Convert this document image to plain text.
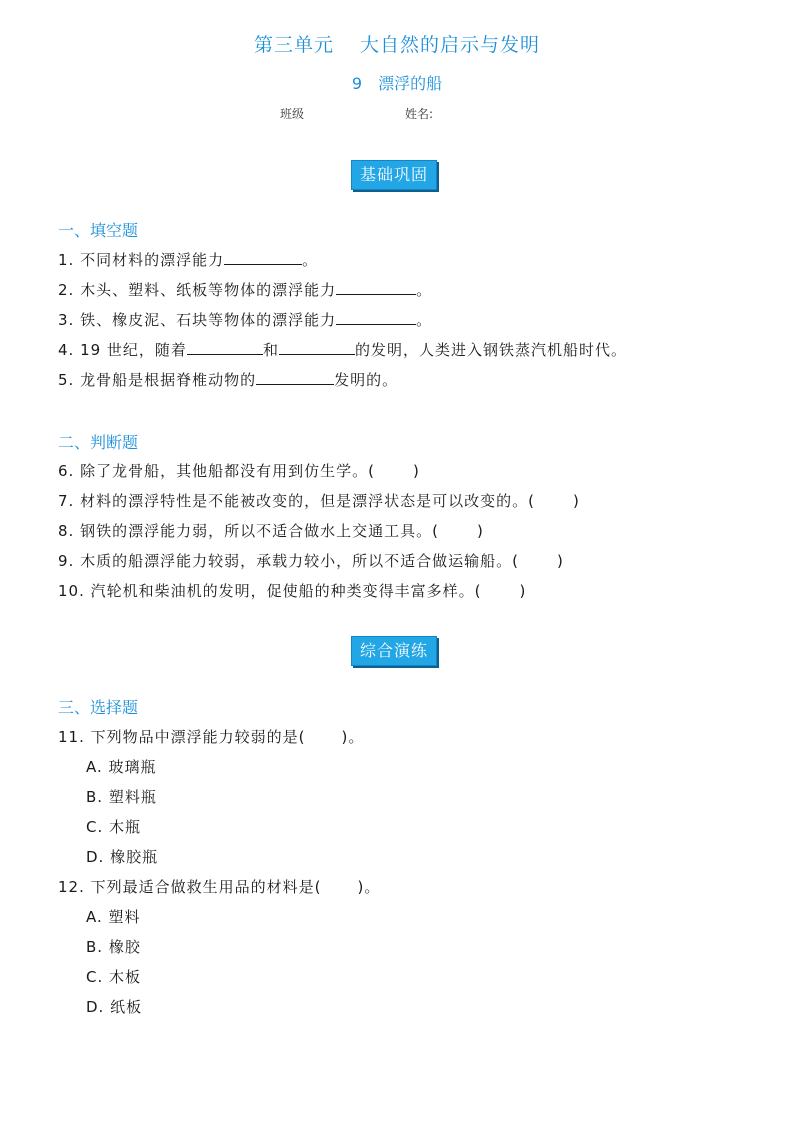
第三单元 大自然的启示与发明
9 漂浮的船
班级	姓名:
基础巩固
一、填空题
1. 不同材料的漂浮能力	。
2. 木头、塑料、纸板等物体的漂浮能力	。
3. 铁、橡皮泥、石块等物体的漂浮能力	。
4. 19 世纪，随着	和	的发明，人类进入钢铁蒸汽机船时代。
5. 龙骨船是根据脊椎动物的	发明的。
二、判断题
6. 除了龙骨船，其他船都没有用到仿生学。(	)
7. 材料的漂浮特性是不能被改变的，但是漂浮状态是可以改变的。(	)
8. 钢铁的漂浮能力弱，所以不适合做水上交通工具。(	)
9. 木质的船漂浮能力较弱，承载力较小，所以不适合做运输船。(	)
10. 汽轮机和柴油机的发明，促使船的种类变得丰富多样。(	)
综合演练
三、选择题
11. 下列物品中漂浮能力较弱的是( )。
A. 玻璃瓶
B. 塑料瓶
C. 木瓶
D. 橡胶瓶
12. 下列最适合做救生用品的材料是( )。
A. 塑料
B. 橡胶
C. 木板
D. 纸板
